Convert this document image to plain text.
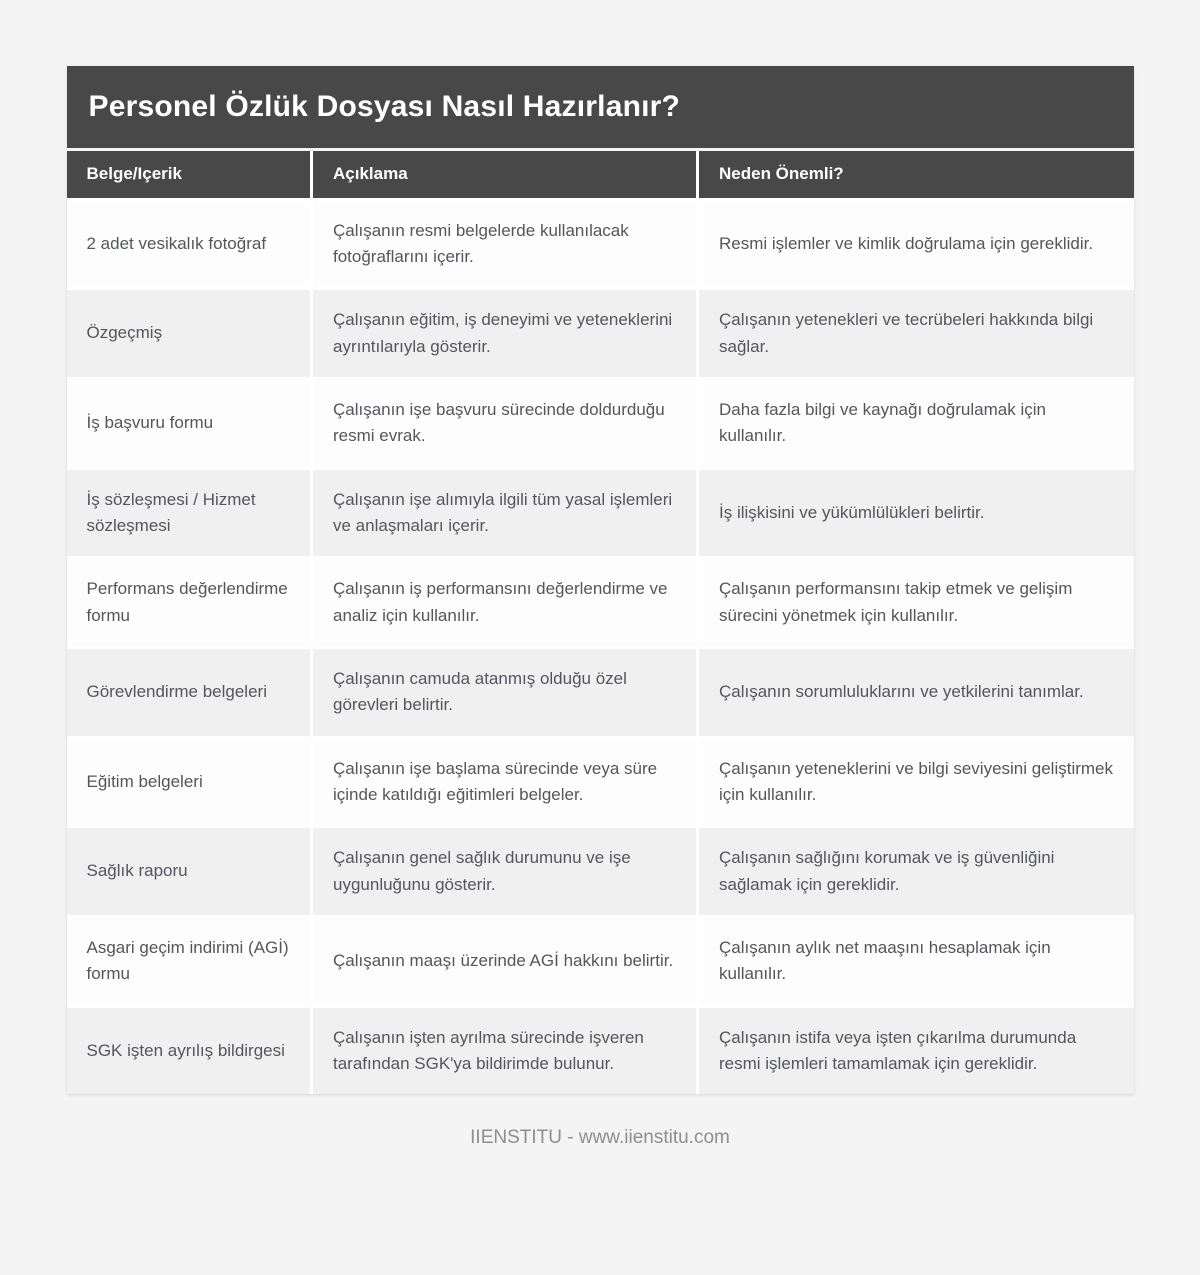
Personel Özlük Dosyası Nasıl Hazırlanır?
Belge/Içerik	Açıklama	Neden Önemli?
2 adet vesikalık fotoğraf	Çalışanın resmi belgelerde kullanılacak fotoğraflarını içerir.	Resmi işlemler ve kimlik doğrulama için gereklidir.
Özgeçmiş	Çalışanın eğitim, iş deneyimi ve yeteneklerini ayrıntılarıyla gösterir.	Çalışanın yetenekleri ve tecrübeleri hakkında bilgi sağlar.
İş başvuru formu	Çalışanın işe başvuru sürecinde doldurduğu resmi evrak.	Daha fazla bilgi ve kaynağı doğrulamak için kullanılır.
İş sözleşmesi / Hizmet sözleşmesi	Çalışanın işe alımıyla ilgili tüm yasal işlemleri ve anlaşmaları içerir.	İş ilişkisini ve yükümlülükleri belirtir.
Performans değerlendirme formu	Çalışanın iş performansını değerlendirme ve analiz için kullanılır.	Çalışanın performansını takip etmek ve gelişim sürecini yönetmek için kullanılır.
Görevlendirme belgeleri	Çalışanın camuda atanmış olduğu özel görevleri belirtir.	Çalışanın sorumluluklarını ve yetkilerini tanımlar.
Eğitim belgeleri	Çalışanın işe başlama sürecinde veya süre içinde katıldığı eğitimleri belgeler.	Çalışanın yeteneklerini ve bilgi seviyesini geliştirmek için kullanılır.
Sağlık raporu	Çalışanın genel sağlık durumunu ve işe uygunluğunu gösterir.	Çalışanın sağlığını korumak ve iş güvenliğini sağlamak için gereklidir.
Asgari geçim indirimi (AGİ) formu	Çalışanın maaşı üzerinde AGİ hakkını belirtir.	Çalışanın aylık net maaşını hesaplamak için kullanılır.
SGK işten ayrılış bildirgesi	Çalışanın işten ayrılma sürecinde işveren tarafından SGK'ya bildirimde bulunur.	Çalışanın istifa veya işten çıkarılma durumunda resmi işlemleri tamamlamak için gereklidir.
IIENSTITU - www.iienstitu.com
